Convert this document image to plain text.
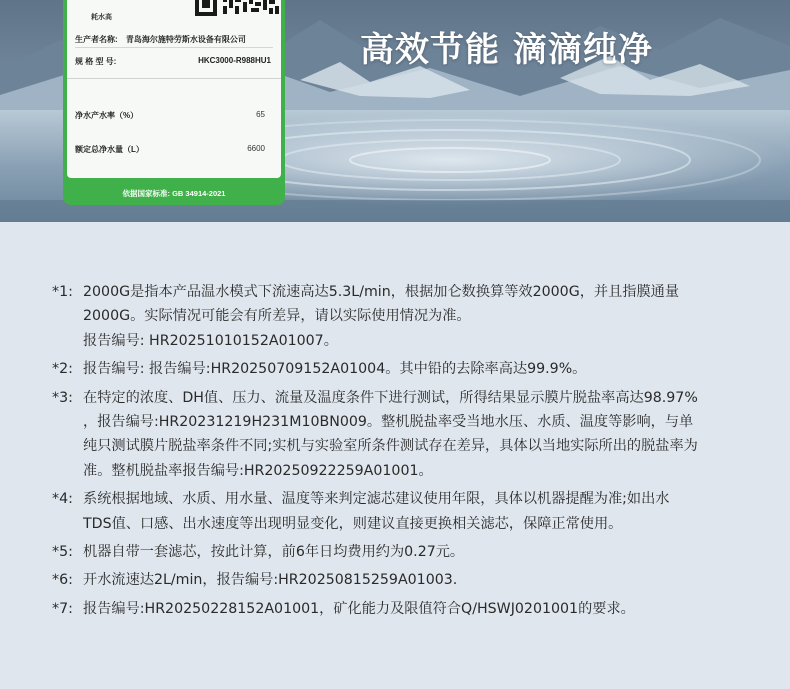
高效节能 滴滴纯净
耗水高
生产者名称: 青岛海尔施特劳斯水设备有限公司
规 格 型 号:	HKC3000-R988HU1
净水产水率（%）	65
额定总净水量（L）	6600
依据国家标准: GB 34914-2021
*1: 2000G是指本产品温水模式下流速高达5.3L/min，根据加仑数换算等效2000G，并且指膜通量
2000G。实际情况可能会有所差异，请以实际使用情况为准。
报告编号: HR20251010152A01007。
*2: 报告编号: 报告编号:HR20250709152A01004。其中铅的去除率高达99.9%。
*3: 在特定的浓度、DH值、压力、流量及温度条件下进行测试，所得结果显示膜片脱盐率高达98.97%
，报告编号:HR20231219H231M10BN009。整机脱盐率受当地水压、水质、温度等影响，与单
纯只测试膜片脱盐率条件不同;实机与实验室所条件测试存在差异，具体以当地实际所出的脱盐率为
准。整机脱盐率报告编号:HR20250922259A01001。
*4: 系统根据地域、水质、用水量、温度等来判定滤芯建议使用年限，具体以机器提醒为准;如出水
TDS值、口感、出水速度等出现明显变化，则建议直接更换相关滤芯，保障正常使用。
*5: 机器自带一套滤芯，按此计算，前6年日均费用约为0.27元。
*6: 开水流速达2L/min，报告编号:HR20250815259A01003.
*7: 报告编号:HR20250228152A01001，矿化能力及限值符合Q/HSWJ0201001的要求。
